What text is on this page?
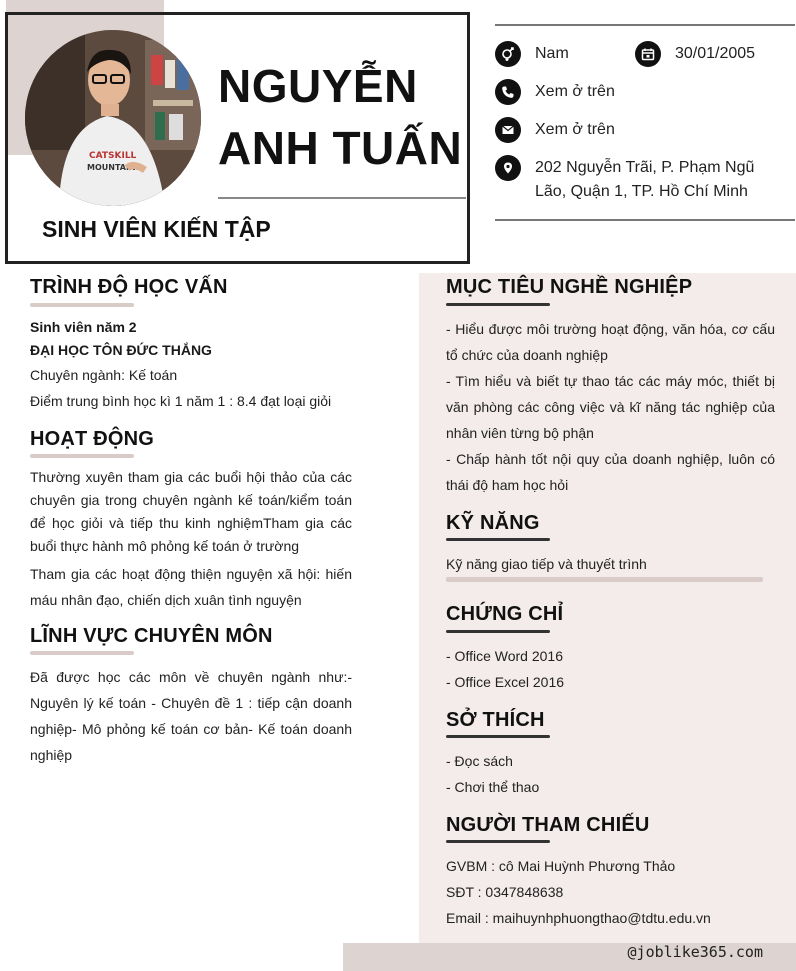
CATSKILL
MOUNTAINS
NGUYỄN
ANH TUẤN
SINH VIÊN KIẾN TẬP
Nam	30/01/2005
Xem ở trên
Xem ở trên
202 Nguyễn Trãi, P. Phạm Ngũ
Lão, Quận 1, TP. Hồ Chí Minh
TRÌNH ĐỘ HỌC VẤN
Sinh viên năm 2
ĐẠI HỌC TÔN ĐỨC THẮNG
Chuyên ngành: Kế toán
Điểm trung bình học kì 1 năm 1 : 8.4 đạt loại giỏi
HOẠT ĐỘNG
Thường xuyên tham gia các buổi hội thảo của các chuyên gia trong chuyên ngành kế toán/kiểm toán để học giỏi và tiếp thu kinh nghiệmTham gia các buổi thực hành mô phỏng kế toán ở trường
Tham gia các hoạt động thiện nguyện xã hội: hiến máu nhân đạo, chiến dịch xuân tình nguyện
LĨNH VỰC CHUYÊN MÔN
Đã được học các môn về chuyên ngành như:- Nguyên lý kế toán - Chuyên đề 1 : tiếp cận doanh nghiệp- Mô phỏng kế toán cơ bản- Kế toán doanh nghiệp
MỤC TIÊU NGHỀ NGHIỆP
- Hiểu được môi trường hoạt động, văn hóa, cơ cấu tổ chức của doanh nghiệp
- Tìm hiểu và biết tự thao tác các máy móc, thiết bị văn phòng các công việc và kĩ năng tác nghiệp của nhân viên từng bộ phận
- Chấp hành tốt nội quy của doanh nghiệp, luôn có thái độ ham học hỏi
KỸ NĂNG
Kỹ năng giao tiếp và thuyết trình
CHỨNG CHỈ
- Office Word 2016
- Office Excel 2016
SỞ THÍCH
- Đọc sách
- Chơi thể thao
NGƯỜI THAM CHIẾU
GVBM : cô Mai Huỳnh Phương Thảo
SĐT : 0347848638
Email : maihuynhphuongthao@tdtu.edu.vn
@joblike365.com
